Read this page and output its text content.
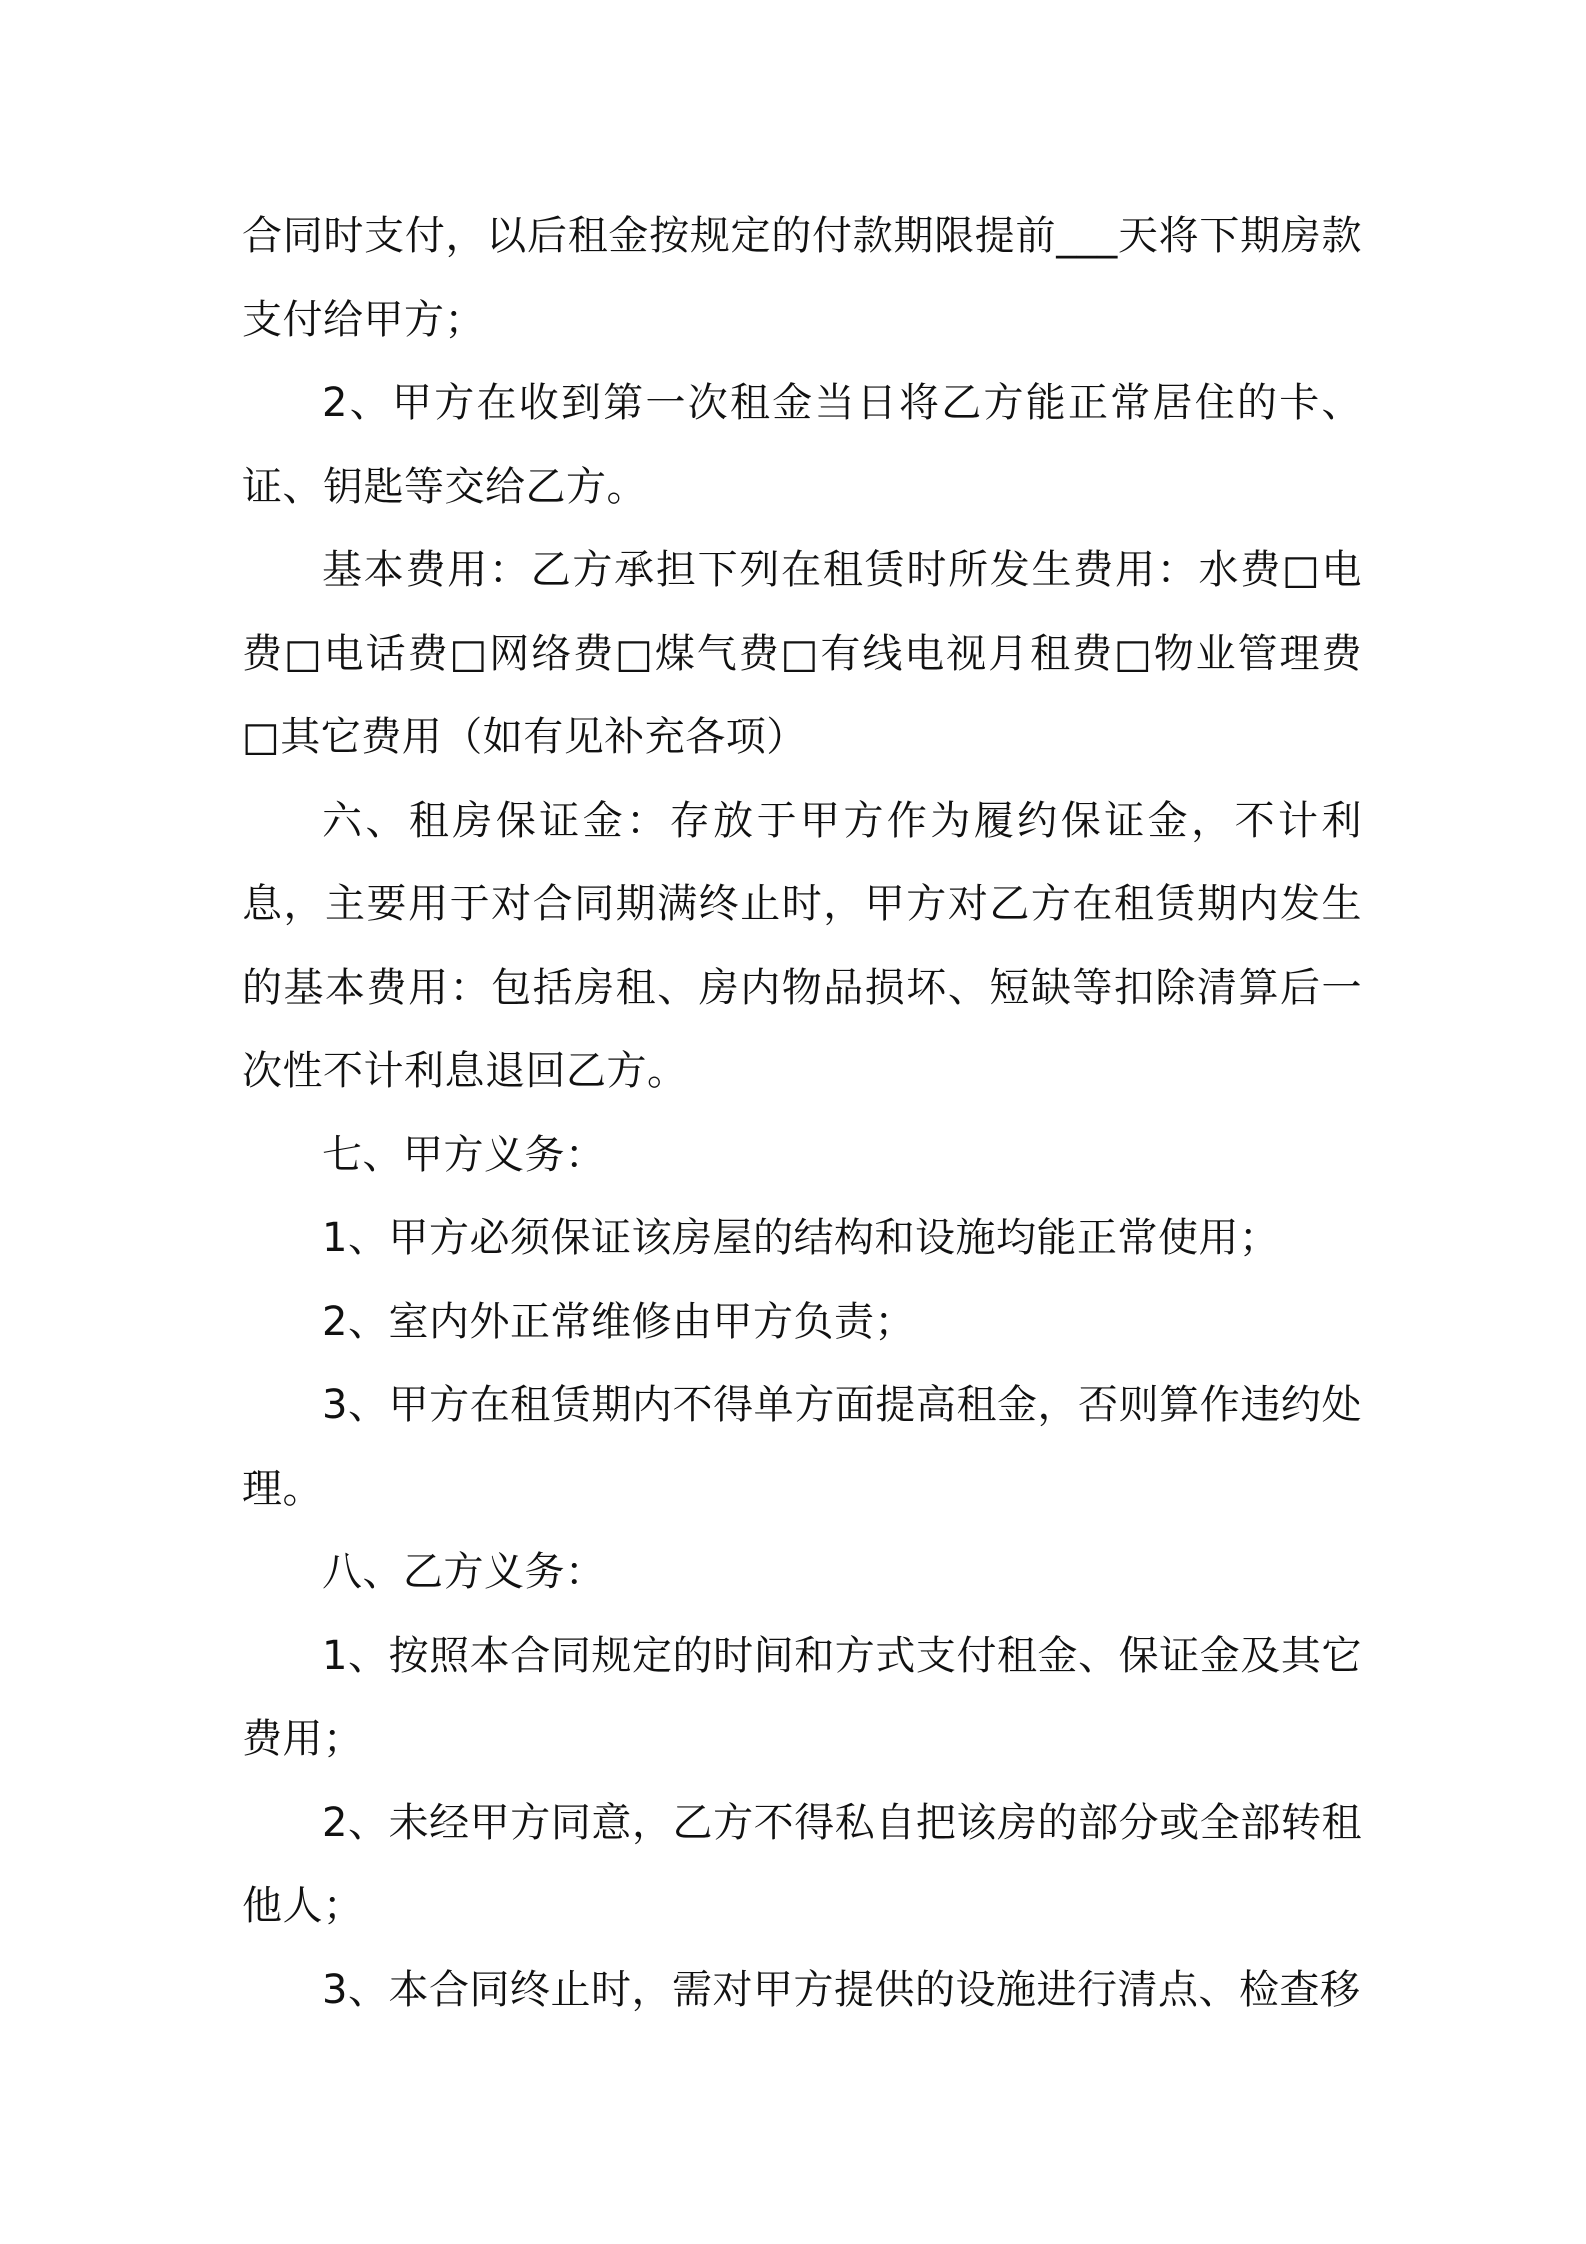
合同时支付，以后租金按规定的付款期限提前___天将下期房款支付给甲方；

2、甲方在收到第一次租金当日将乙方能正常居住的卡、证、钥匙等交给乙方。

基本费用：乙方承担下列在租赁时所发生费用：水费□电费□电话费□网络费□煤气费□有线电视月租费□物业管理费□其它费用（如有见补充各项）

六、租房保证金：存放于甲方作为履约保证金，不计利息，主要用于对合同期满终止时，甲方对乙方在租赁期内发生的基本费用：包括房租、房内物品损坏、短缺等扣除清算后一次性不计利息退回乙方。

七、甲方义务：

1、甲方必须保证该房屋的结构和设施均能正常使用；

2、室内外正常维修由甲方负责；

3、甲方在租赁期内不得单方面提高租金，否则算作违约处理。

八、乙方义务：

1、按照本合同规定的时间和方式支付租金、保证金及其它费用；

2、未经甲方同意，乙方不得私自把该房的部分或全部转租他人；

3、本合同终止时，需对甲方提供的设施进行清点、检查移
